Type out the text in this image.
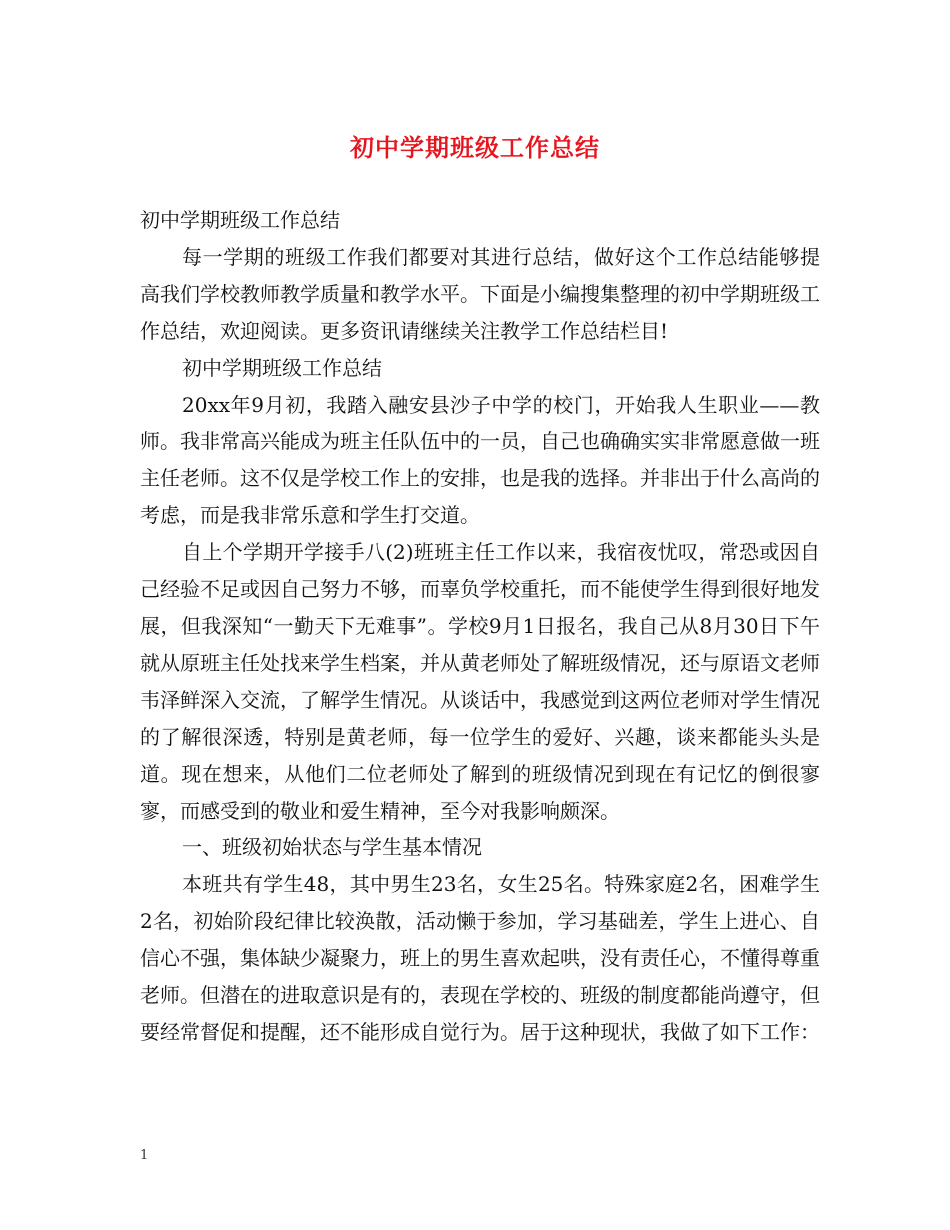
初中学期班级工作总结

初中学期班级工作总结

每一学期的班级工作我们都要对其进行总结，做好这个工作总结能够提高我们学校教师教学质量和教学水平。下面是小编搜集整理的初中学期班级工作总结，欢迎阅读。更多资讯请继续关注教学工作总结栏目!

初中学期班级工作总结

20xx年9月初，我踏入融安县沙子中学的校门，开始我人生职业——教师。我非常高兴能成为班主任队伍中的一员，自己也确确实实非常愿意做一班主任老师。这不仅是学校工作上的安排，也是我的选择。并非出于什么高尚的考虑，而是我非常乐意和学生打交道。

自上个学期开学接手八(2)班班主任工作以来，我宿夜忧叹，常恐或因自己经验不足或因自己努力不够，而辜负学校重托，而不能使学生得到很好地发展，但我深知“一勤天下无难事”。学校9月1日报名，我自己从8月30日下午就从原班主任处找来学生档案，并从黄老师处了解班级情况，还与原语文老师韦泽鲜深入交流，了解学生情况。从谈话中，我感觉到这两位老师对学生情况的了解很深透，特别是黄老师，每一位学生的爱好、兴趣，谈来都能头头是道。现在想来，从他们二位老师处了解到的班级情况到现在有记忆的倒很寥寥，而感受到的敬业和爱生精神，至今对我影响颇深。

一、班级初始状态与学生基本情况

本班共有学生48，其中男生23名，女生25名。特殊家庭2名，困难学生2名，初始阶段纪律比较涣散，活动懒于参加，学习基础差，学生上进心、自信心不强，集体缺少凝聚力，班上的男生喜欢起哄，没有责任心，不懂得尊重老师。但潜在的进取意识是有的，表现在学校的、班级的制度都能尚遵守，但要经常督促和提醒，还不能形成自觉行为。居于这种现状，我做了如下工作：

1
